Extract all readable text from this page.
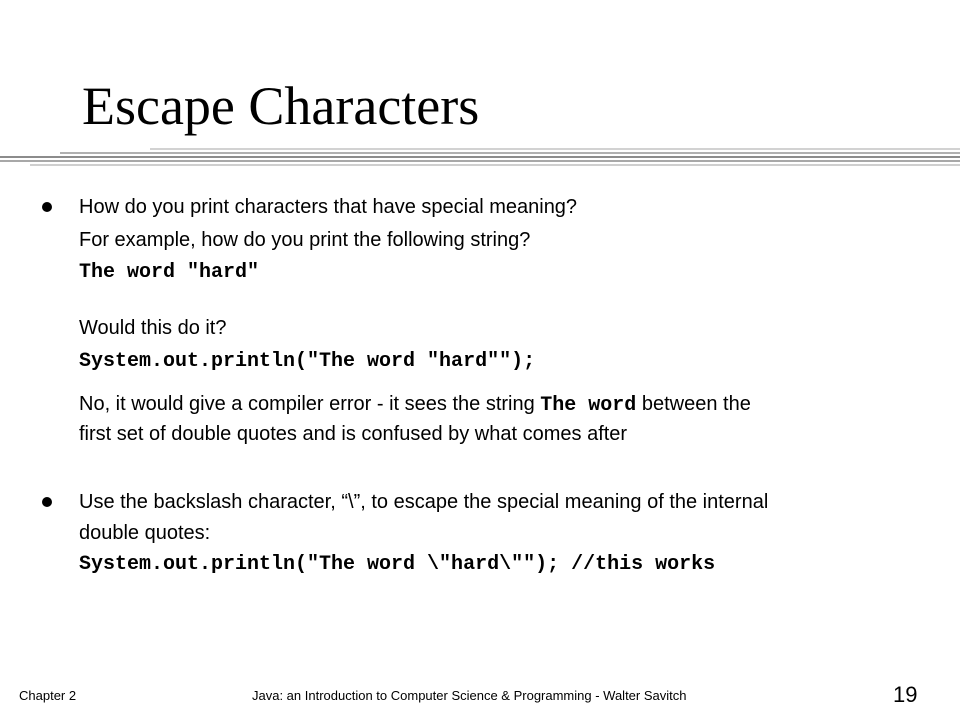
Escape Characters
How do you print characters that have special meaning?
For example, how do you print the following string?
The word "hard"
Would this do it?
System.out.println("The word "hard"");
No, it would give a compiler error - it sees the string The word between the
first set of double quotes and is confused by what comes after
Use the backslash character, “\”, to escape the special meaning of the internal
double quotes:
System.out.println("The word \"hard\""); //this works
Chapter 2	Java: an Introduction to Computer Science & Programming - Walter Savitch	19
